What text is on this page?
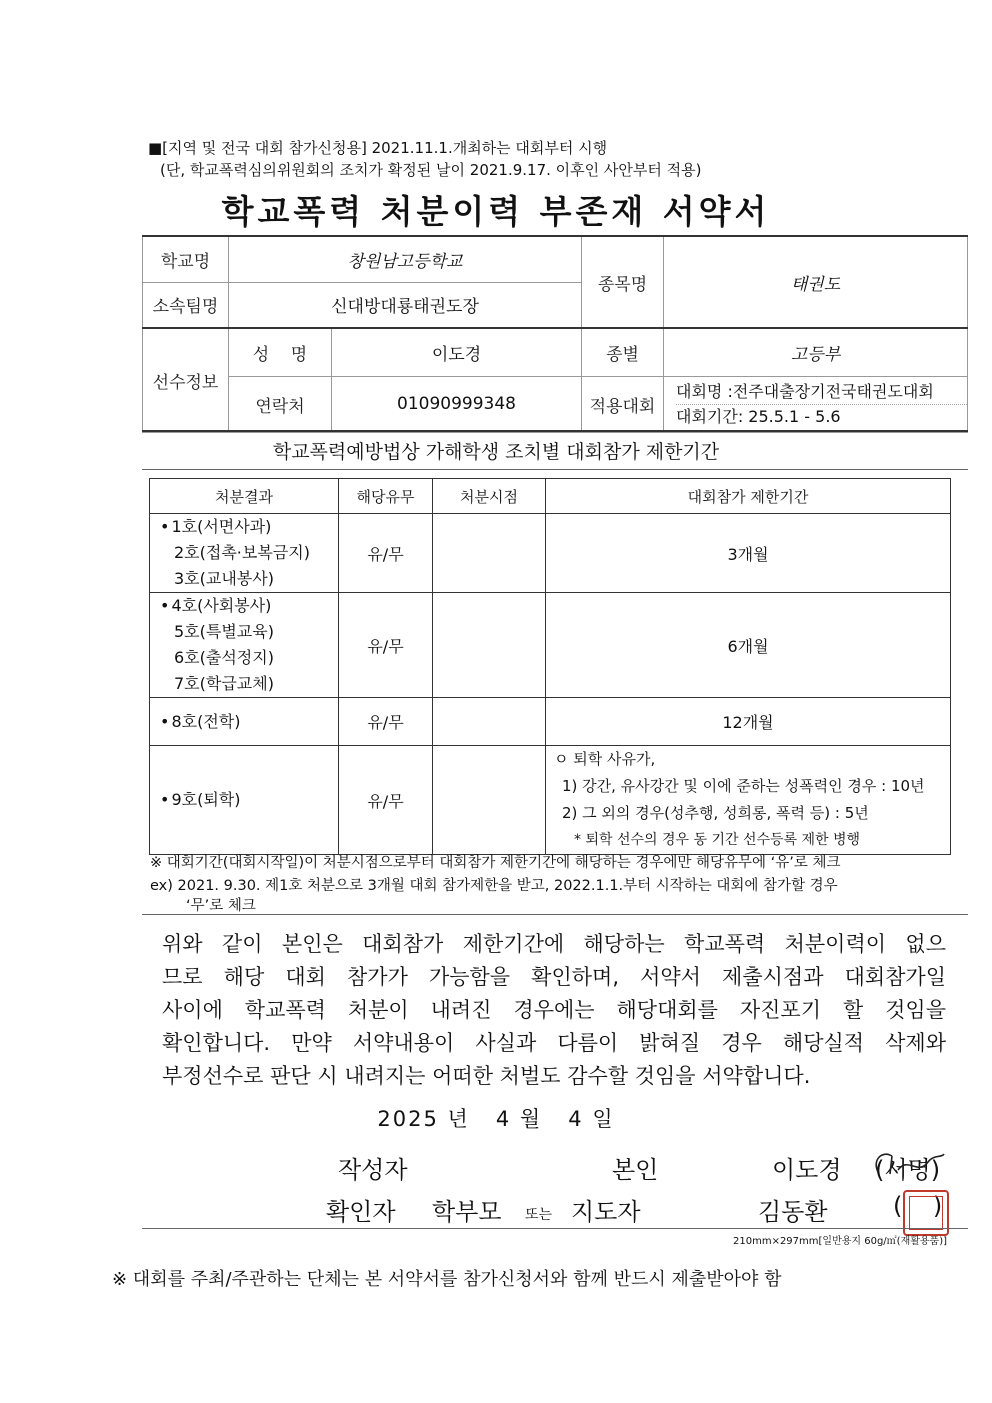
■[지역 및 전국 대회 참가신청용] 2021.11.1.개최하는 대회부터 시행
(단, 학교폭력심의위원회의 조치가 확정된 날이 2021.9.17. 이후인 사안부터 적용)
학교폭력 처분이력 부존재 서약서
학교명	창원남고등학교		종목명	태권도
소속팀명	신대방대룡태권도장			
선수정보	성    명	이도경	종별	고등부
	연락처	01090999348	적용대회	대회명 :전주대출장기전국태권도대회
대회기간: 25.5.1 - 5.6
학교폭력예방법상 가해학생 조치별 대회참가 제한기간
처분결과	해당유무	처분시점	대회참가 제한기간

• 1호(서면사과)
2호(접촉·보복금지)
3호(교내봉사)	유/무		3개월

• 4호(사회봉사)
5호(특별교육)
6호(출석정지)
7호(학급교체)	유/무		6개월

• 8호(전학)	유/무		12개월

• 9호(퇴학)	유/무		ㅇ 퇴학 사유가,
1) 강간, 유사강간 및 이에 준하는 성폭력인 경우 : 10년
2) 그 외의 경우(성추행, 성희롱, 폭력 등) : 5년
* 퇴학 선수의 경우 동 기간 선수등록 제한 병행
※ 대회기간(대회시작일)이 처분시점으로부터 대회참가 제한기간에 해당하는 경우에만 해당유무에 ‘유’로 체크
ex) 2021. 9.30. 제1호 처분으로 3개월 대회 참가제한을 받고, 2022.1.1.부터 시작하는 대회에 참가할 경우
‘무’로 체크
위와 같이 본인은 대회참가 제한기간에 해당하는 학교폭력 처분이력이 없으
므로 해당 대회 참가가 가능함을 확인하며, 서약서 제출시점과 대회참가일
사이에 학교폭력 처분이 내려진 경우에는 해당대회를 자진포기 할 것임을
확인합니다. 만약 서약내용이 사실과 다름이 밝혀질 경우 해당실적 삭제와
부정선수로 판단 시 내려지는 어떠한 처벌도 감수할 것임을 서약합니다.
2025 년 4 월 4 일
작성자	본인	이도경 (서명)
확인자 학부모 또는 지도자	김동환	(    )
210mm×297mm[일반용지 60g/㎡(재활용품)]
※ 대회를 주최/주관하는 단체는 본 서약서를 참가신청서와 함께 반드시 제출받아야 함
